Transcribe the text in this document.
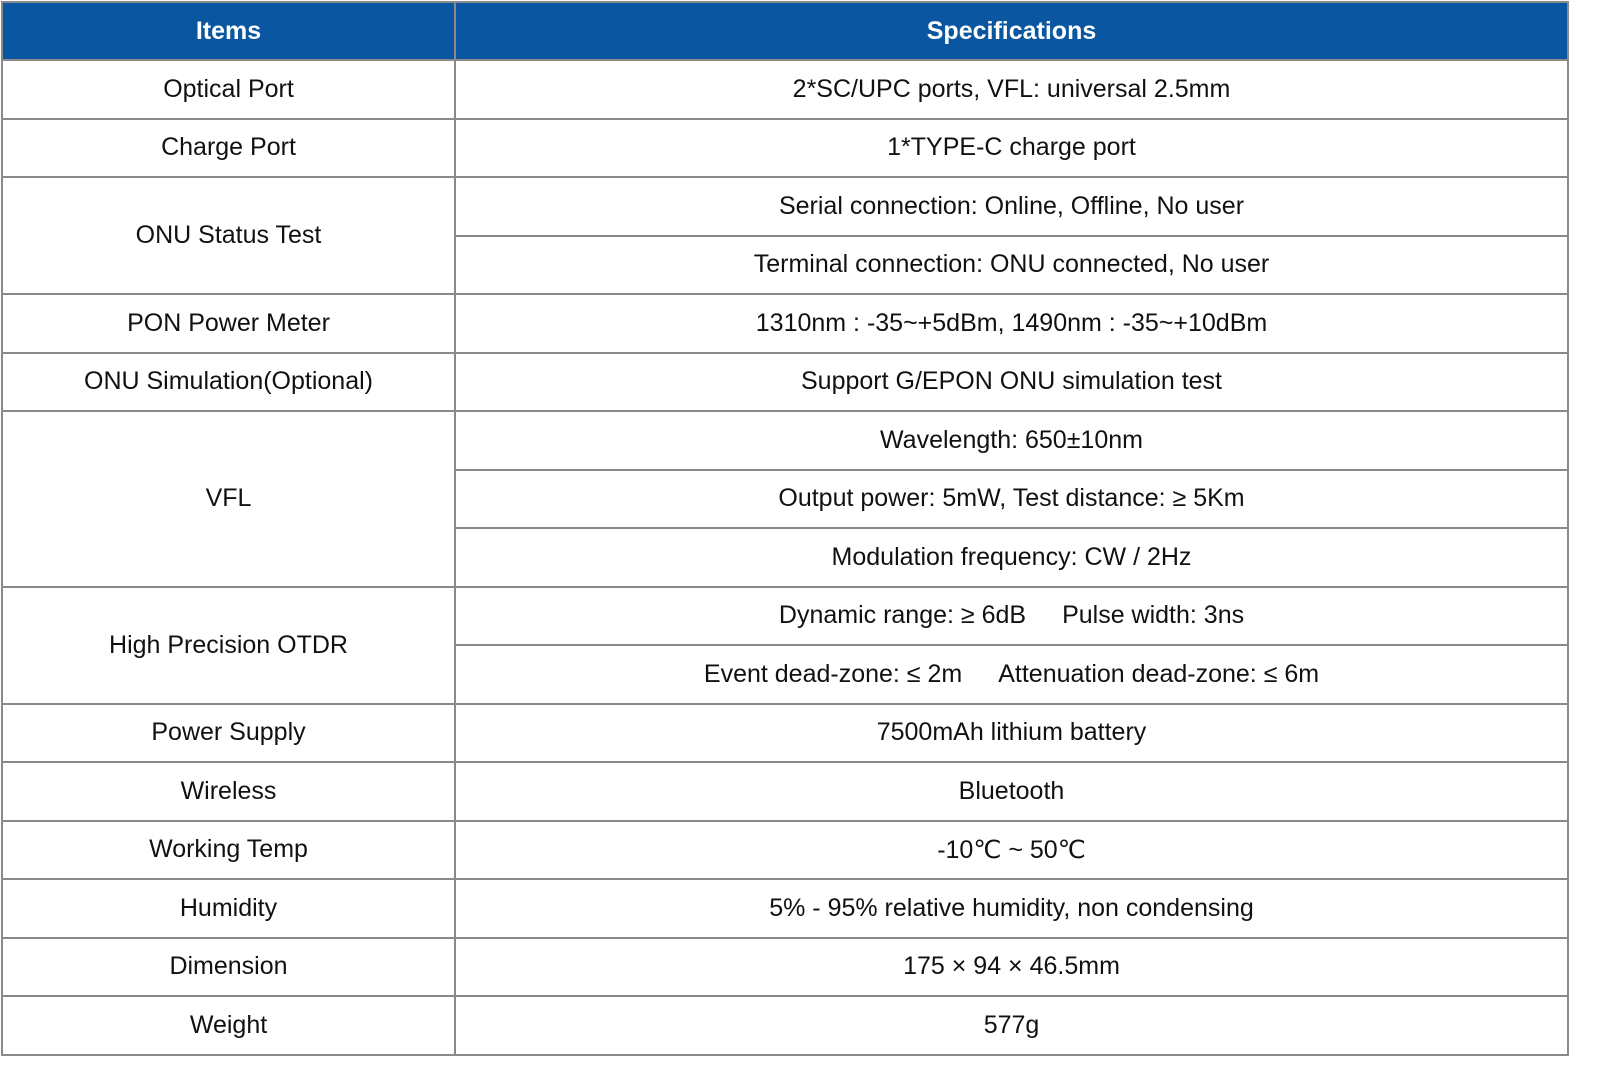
Items	Specifications
Optical Port	2*SC/UPC ports, VFL: universal 2.5mm
Charge Port	1*TYPE-C charge port
ONU Status Test	Serial connection: Online, Offline, No user
	Terminal connection: ONU connected, No user
PON Power Meter	1310nm : -35~+5dBm, 1490nm : -35~+10dBm
ONU Simulation(Optional)	Support G/EPON ONU simulation test
VFL	Wavelength: 650±10nm
	Output power: 5mW, Test distance: ≥ 5Km
	Modulation frequency: CW / 2Hz
High Precision OTDR	Dynamic range: ≥ 6dB Pulse width: 3ns
	Event dead-zone: ≤ 2m Attenuation dead-zone: ≤ 6m
Power Supply	7500mAh lithium battery
Wireless	Bluetooth
Working Temp	-10℃ ~ 50℃
Humidity	5% - 95% relative humidity, non condensing
Dimension	175 × 94 × 46.5mm
Weight	577g
